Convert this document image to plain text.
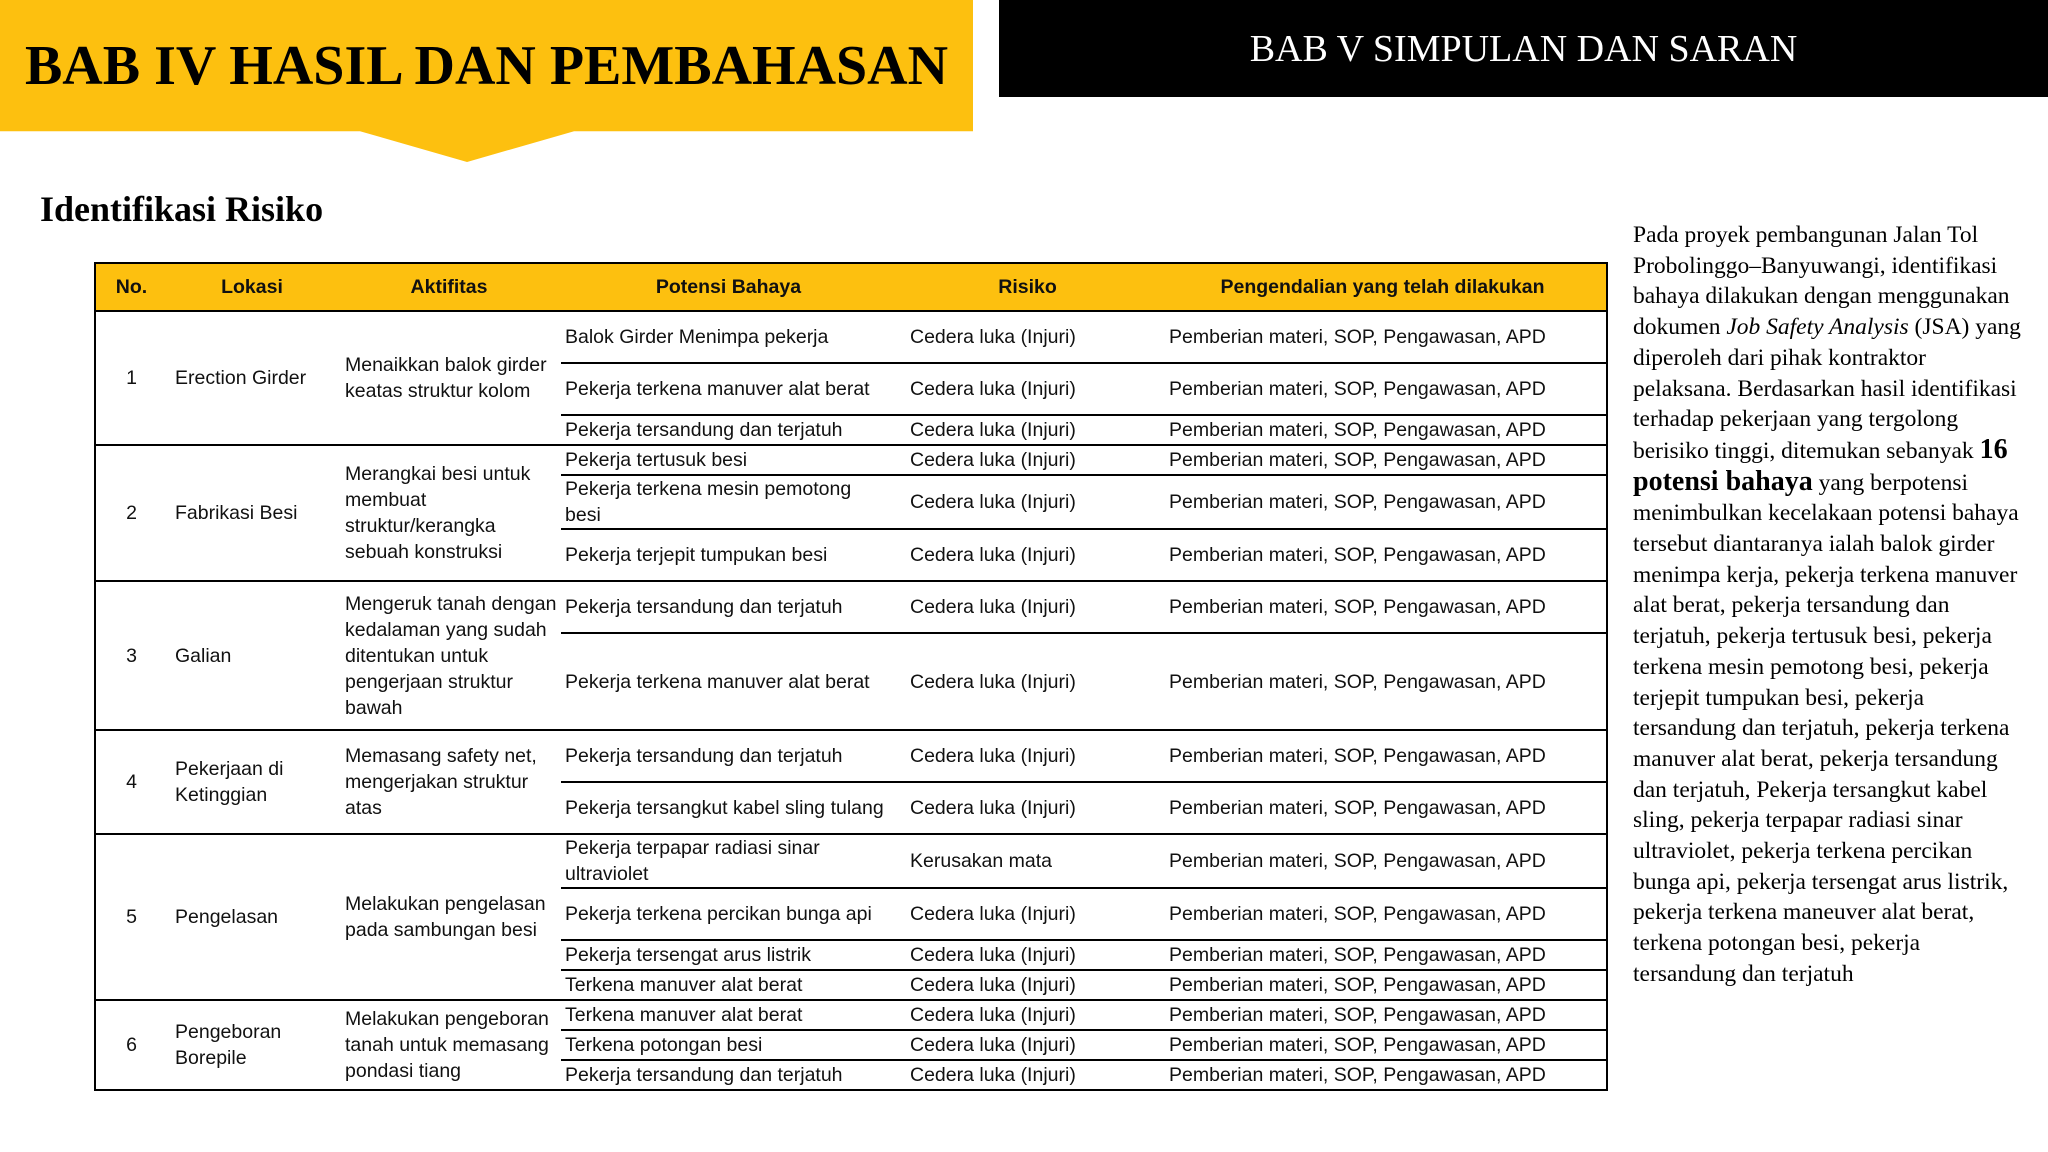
BAB IV HASIL DAN PEMBAHASAN	BAB V SIMPULAN DAN SARAN
Identifikasi Risiko
No.	Lokasi	Aktifitas	Potensi Bahaya	Risiko	Pengendalian yang telah dilakukan
1	Erection Girder	Menaikkan balok girder keatas struktur kolom	Balok Girder Menimpa pekerja	Cedera luka (Injuri)	Pemberian materi, SOP, Pengawasan, APD
			Pekerja terkena manuver alat berat	Cedera luka (Injuri)	Pemberian materi, SOP, Pengawasan, APD
			Pekerja tersandung dan terjatuh	Cedera luka (Injuri)	Pemberian materi, SOP, Pengawasan, APD
2	Fabrikasi Besi	Merangkai besi untuk membuat struktur/kerangka sebuah konstruksi	Pekerja tertusuk besi	Cedera luka (Injuri)	Pemberian materi, SOP, Pengawasan, APD
			Pekerja terkena mesin pemotong besi	Cedera luka (Injuri)	Pemberian materi, SOP, Pengawasan, APD
			Pekerja terjepit tumpukan besi	Cedera luka (Injuri)	Pemberian materi, SOP, Pengawasan, APD
3	Galian	Mengeruk tanah dengan kedalaman yang sudah ditentukan untuk pengerjaan struktur bawah	Pekerja tersandung dan terjatuh	Cedera luka (Injuri)	Pemberian materi, SOP, Pengawasan, APD
			Pekerja terkena manuver alat berat	Cedera luka (Injuri)	Pemberian materi, SOP, Pengawasan, APD
4	Pekerjaan di Ketinggian	Memasang safety net, mengerjakan struktur atas	Pekerja tersandung dan terjatuh	Cedera luka (Injuri)	Pemberian materi, SOP, Pengawasan, APD
			Pekerja tersangkut kabel sling tulang	Cedera luka (Injuri)	Pemberian materi, SOP, Pengawasan, APD
5	Pengelasan	Melakukan pengelasan pada sambungan besi	Pekerja terpapar radiasi sinar ultraviolet	Kerusakan mata	Pemberian materi, SOP, Pengawasan, APD
			Pekerja terkena percikan bunga api	Cedera luka (Injuri)	Pemberian materi, SOP, Pengawasan, APD
			Pekerja tersengat arus listrik	Cedera luka (Injuri)	Pemberian materi, SOP, Pengawasan, APD
			Terkena manuver alat berat	Cedera luka (Injuri)	Pemberian materi, SOP, Pengawasan, APD
6	Pengeboran Borepile	Melakukan pengeboran tanah untuk memasang pondasi tiang	Terkena manuver alat berat	Cedera luka (Injuri)	Pemberian materi, SOP, Pengawasan, APD
			Terkena potongan besi	Cedera luka (Injuri)	Pemberian materi, SOP, Pengawasan, APD
			Pekerja tersandung dan terjatuh	Cedera luka (Injuri)	Pemberian materi, SOP, Pengawasan, APD
Pada proyek pembangunan Jalan Tol Probolinggo–Banyuwangi, identifikasi bahaya dilakukan dengan menggunakan dokumen Job Safety Analysis (JSA) yang diperoleh dari pihak kontraktor pelaksana. Berdasarkan hasil identifikasi terhadap pekerjaan yang tergolong berisiko tinggi, ditemukan sebanyak 16 potensi bahaya yang berpotensi menimbulkan kecelakaan potensi bahaya tersebut diantaranya ialah balok girder menimpa kerja, pekerja terkena manuver alat berat, pekerja tersandung dan terjatuh, pekerja tertusuk besi, pekerja terkena mesin pemotong besi, pekerja terjepit tumpukan besi, pekerja tersandung dan terjatuh, pekerja terkena manuver alat berat, pekerja tersandung dan terjatuh, Pekerja tersangkut kabel sling, pekerja terpapar radiasi sinar ultraviolet, pekerja terkena percikan bunga api, pekerja tersengat arus listrik, pekerja terkena maneuver alat berat, terkena potongan besi, pekerja tersandung dan terjatuh
